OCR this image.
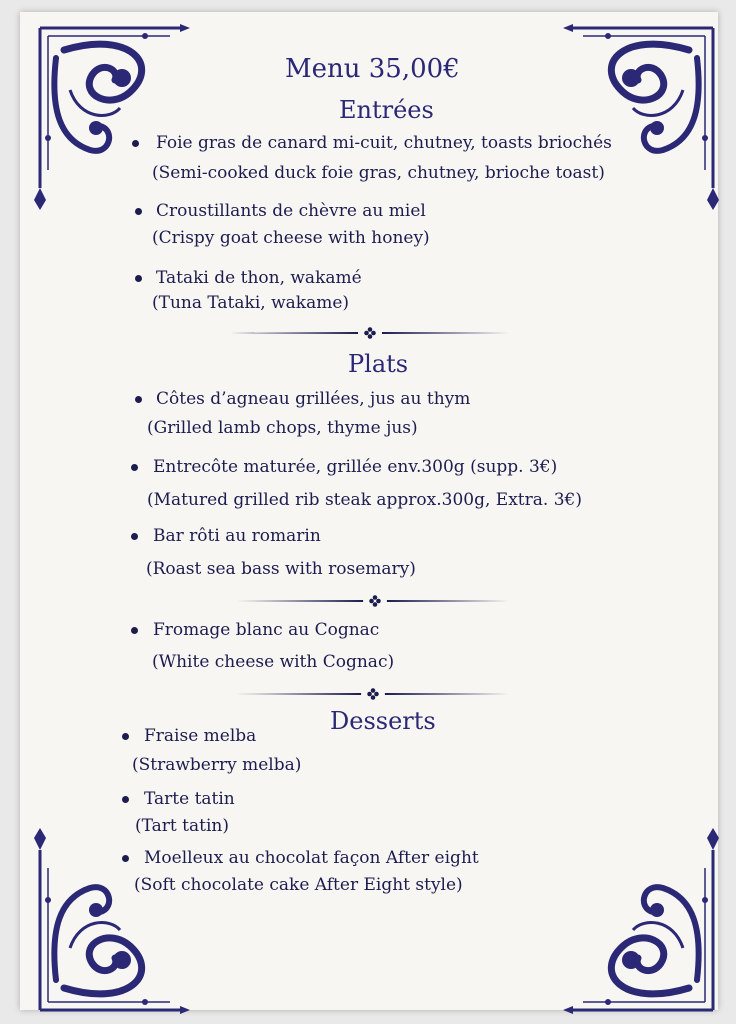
Menu 35,00€
Entrées
Foie gras de canard mi-cuit, chutney, toasts briochés
(Semi-cooked duck foie gras, chutney, brioche toast)
Croustillants de chèvre au miel
(Crispy goat cheese with honey)
Tataki de thon, wakamé
(Tuna Tataki, wakame)
Plats
Côtes d’agneau grillées, jus au thym
(Grilled lamb chops, thyme jus)
Entrecôte maturée, grillée env.300g (supp. 3€)
(Matured grilled rib steak approx.300g, Extra. 3€)
Bar rôti au romarin
(Roast sea bass with rosemary)
Fromage blanc au Cognac
(White cheese with Cognac)
Desserts
Fraise melba
(Strawberry melba)
Tarte tatin
(Tart tatin)
Moelleux au chocolat façon After eight
(Soft chocolate cake After Eight style)
